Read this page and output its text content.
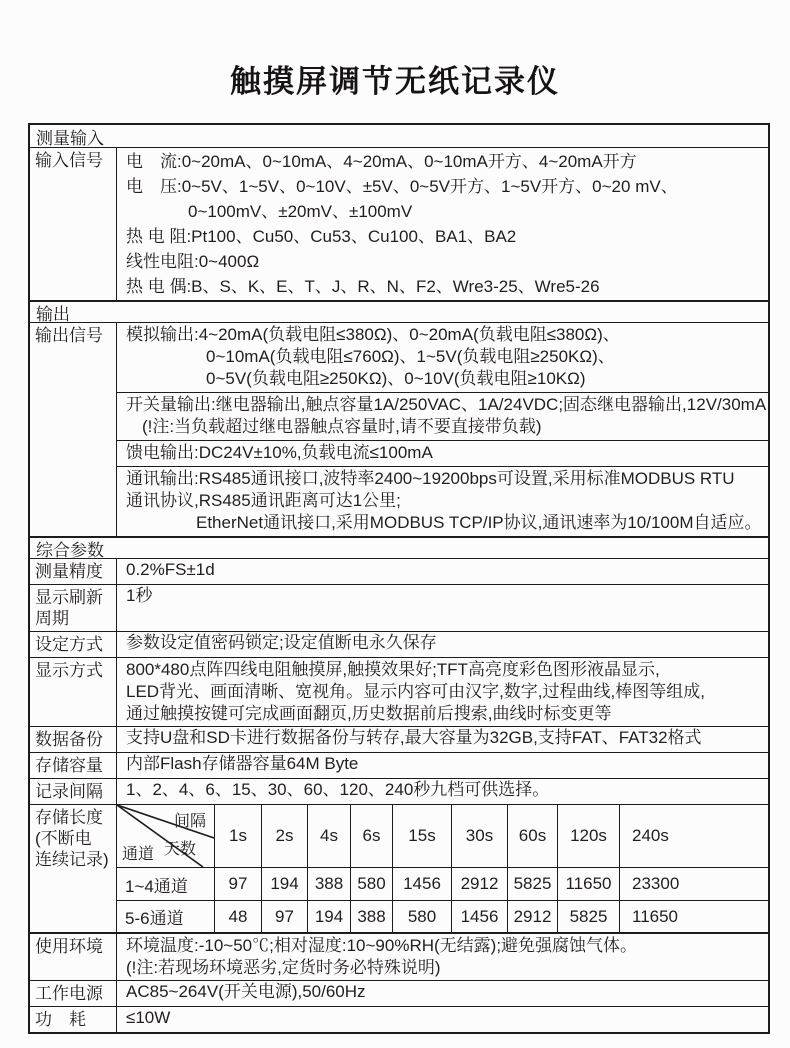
触摸屏调节无纸记录仪
测量输入
输入信号	电　流:0~20mA、0~10mA、4~20mA、0~10mA开方、4~20mA开方
电　压:0~5V、1~5V、0~10V、±5V、0~5V开方、1~5V开方、0~20 mV、
0~100mV、±20mV、±100mV
热 电 阻:Pt100、Cu50、Cu53、Cu100、BA1、BA2
线性电阻:0~400Ω
热 电 偶:B、S、K、E、T、J、R、N、F2、Wre3-25、Wre5-26
输出
输出信号	模拟输出:4~20mA(负载电阻≤380Ω)、0~20mA(负载电阻≤380Ω)、
0~10mA(负载电阻≤760Ω)、1~5V(负载电阻≥250KΩ)、
0~5V(负载电阻≥250KΩ)、0~10V(负载电阻≥10KΩ)
开关量输出:继电器输出,触点容量1A/250VAC、1A/24VDC;固态继电器输出,12V/30mA
(!注:当负载超过继电器触点容量时,请不要直接带负载)
馈电输出:DC24V±10%,负载电流≤100mA
通讯输出:RS485通讯接口,波特率2400~19200bps可设置,采用标准MODBUS RTU
通讯协议,RS485通讯距离可达1公里;
EtherNet通讯接口,采用MODBUS TCP/IP协议,通讯速率为10/100M自适应。
综合参数
测量精度	0.2%FS±1d
显示刷新
周期
1秒
设定方式	参数设定值密码锁定;设定值断电永久保存
显示方式	800*480点阵四线电阻触摸屏,触摸效果好;TFT高亮度彩色图形液晶显示,
LED背光、画面清晰、宽视角。显示内容可由汉字,数字,过程曲线,棒图等组成,
通过触摸按键可完成画面翻页,历史数据前后搜索,曲线时标变更等
数据备份	支持U盘和SD卡进行数据备份与转存,最大容量为32GB,支持FAT、FAT32格式
存储容量	内部Flash存储器容量64M Byte
记录间隔	1、2、4、6、15、30、60、120、240秒九档可供选择。
存储长度
(不断电
连续记录)
间隔
天数
通道
1s	2s	4s	6s	15s	30s	60s	120s	240s
1~4通道	97	194 388 580	1456	2912 5825 11650	23300
5-6通道	48	97	194 388	580	1456 2912	5825	11650
使用环境	环境温度:-10~50℃;相对湿度:10~90%RH(无结露);避免强腐蚀气体。
(!注:若现场环境恶劣,定货时务必特殊说明)
工作电源	AC85~264V(开关电源),50/60Hz
功　耗	≤10W
